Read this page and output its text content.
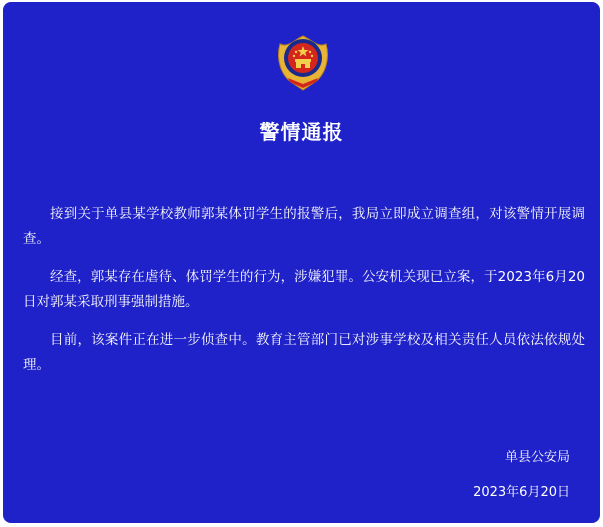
警情通报

接到关于单县某学校教师郭某体罚学生的报警后，我局立即成立调查组，对该警情开展调查。

经查，郭某存在虐待、体罚学生的行为，涉嫌犯罪。公安机关现已立案，于2023年6月20日对郭某采取刑事强制措施。

目前，该案件正在进一步侦查中。教育主管部门已对涉事学校及相关责任人员依法依规处理。

单县公安局
2023年6月20日
